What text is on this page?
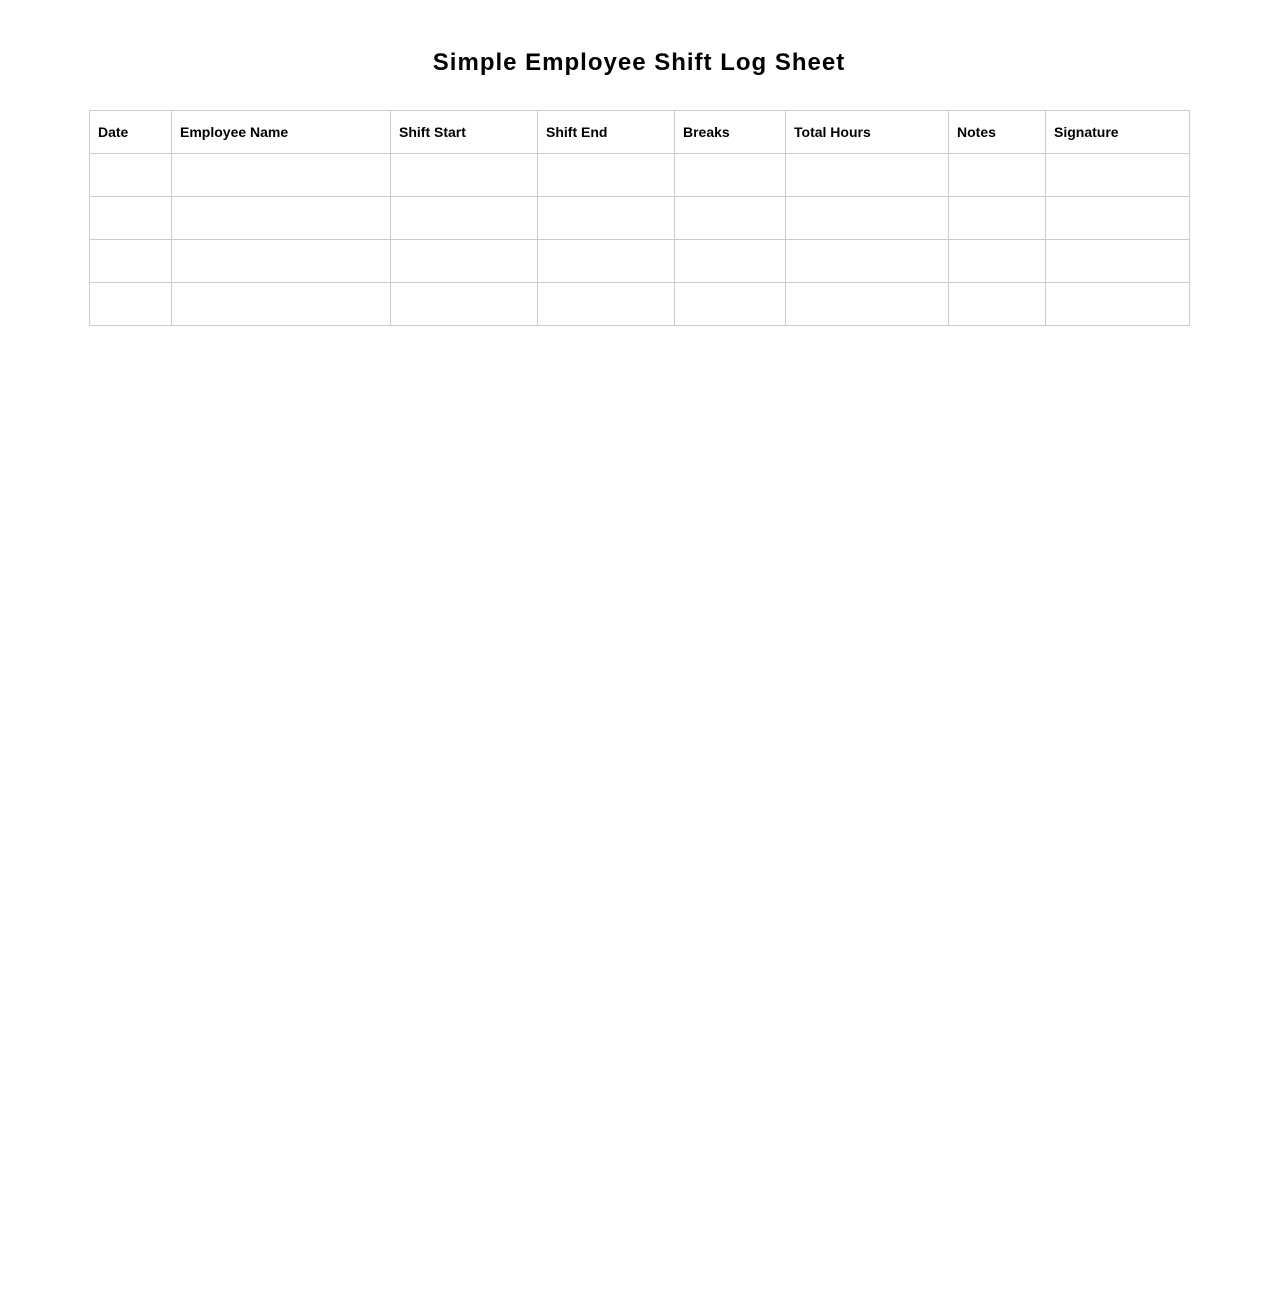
Simple Employee Shift Log Sheet
Date	Employee Name	Shift Start	Shift End	Breaks	Total Hours	Notes	Signature
